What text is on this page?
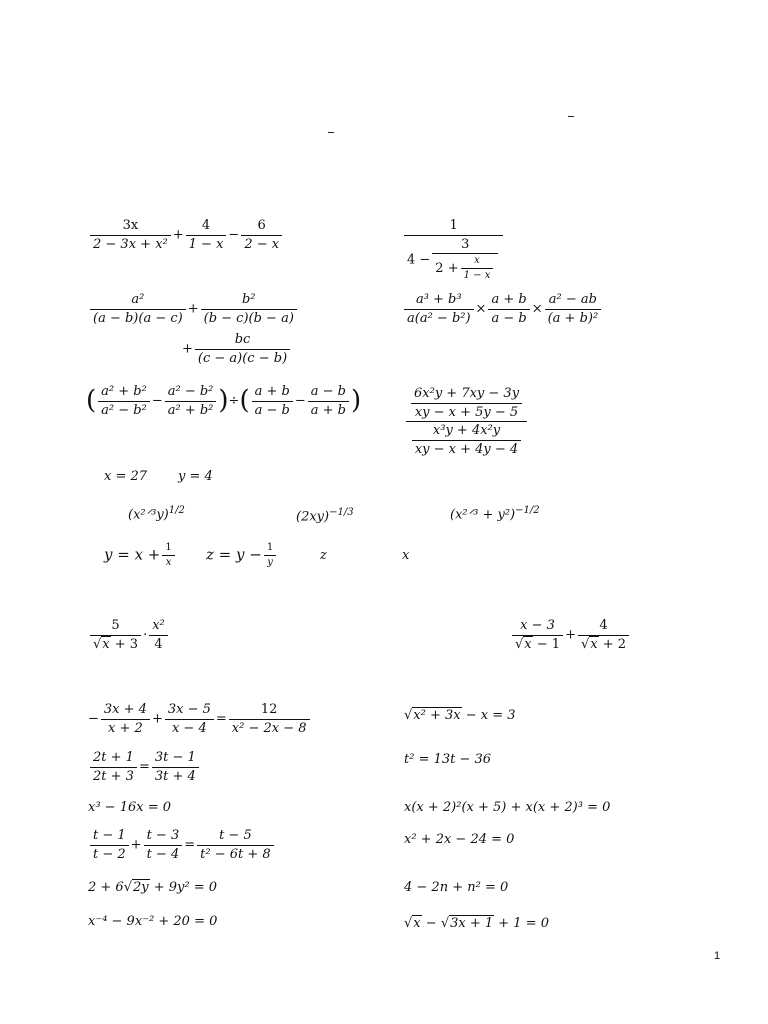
$\frac{3x}{\text{2 − 3x + x²}} + \frac{4}{1 - x} - \frac{6}{2 - x}$	$\frac{1}{4 - \frac{3}{2 + \frac{x}{1 - x}}}$
$\frac{\text{a²}}{(a - b)(a - c)} + \frac{\text{b²}}{(b - c)(b - a)}$
+ $\frac{bc}{(c - a)(c - b)}$
$\frac{\text{a³ + b³}}{\text{a(a² − b²)}} \times \frac{a + b}{a - b} \times \frac{\text{a² − ab}}{\text{(a + b)²}}$
( $\frac{\text{a² + b²}}{\text{a² − b²}} - \frac{\text{a² − b²}}{\text{a² + b²}}$ )÷( $\frac{a + b}{a - b} - \frac{a - b}{a + b}$ )	$\frac{\frac{\text{6x²y + 7xy − 3y}}{xy - x + 5y - 5}}{\frac{\text{x³y + 4x²y}}{xy - x + 4y - 4}}$
x = 27 y = 4
(x²ᐟ³y)$^{1/2}$	$(2xy)^{-1/3}$	(x²ᐟ³ + y²)$^{-1/2}$
$y = x + \frac{1}{x}$ $z = y - \frac{1}{y}$	z	x
$\frac{5}{√x + 3} \cdot \frac{\text{x²}}{4}$	$\frac{x - 3}{√x - 1} + \frac{4}{√x + 2}$
− $\frac{3x + 4}{x + 2} + \frac{3x - 5}{x - 4} = \frac{12}{\text{x² − 2x − 8}}$	√x² + 3x − x = 3
$\frac{2t + 1}{2t + 3} = \frac{3t - 1}{3t + 4}$	t² = 13t − 36
x³ − 16x = 0	x(x + 2)²(x + 5) + x(x + 2)³ = 0
$\frac{t - 1}{t - 2} + \frac{t - 3}{t - 4} = \frac{t - 5}{\text{t² − 6t + 8}}$	x² + 2x − 24 = 0
2 + 6√2y + 9y² = 0	4 − 2n + n² = 0
x⁻⁴ − 9x⁻² + 20 = 0	√x − √3x + 1 + 1 = 0
1
